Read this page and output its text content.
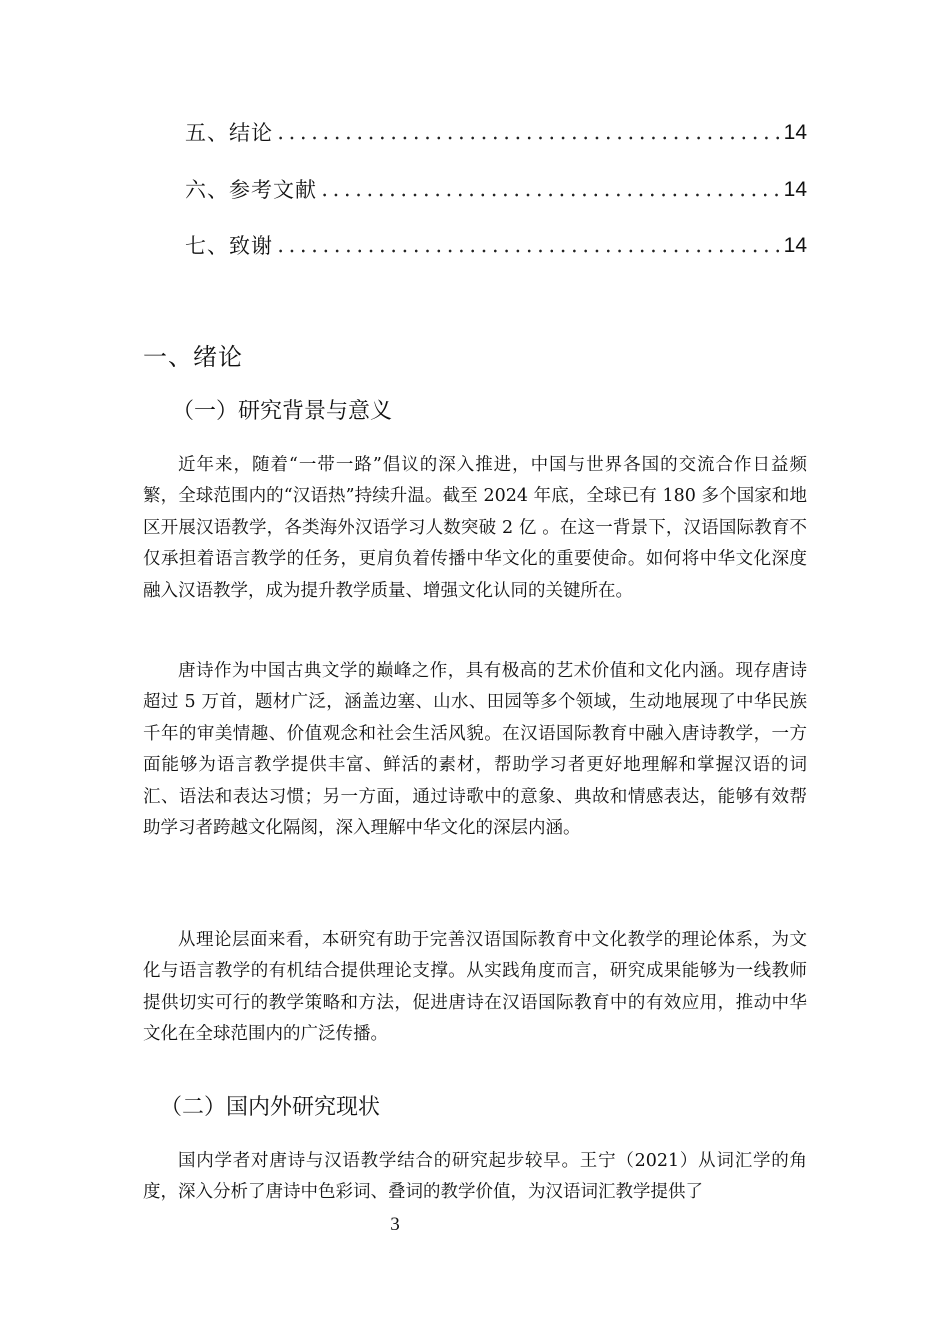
五、结论	14
六、参考文献	14
七、致谢	14
一、绪论
（一）研究背景与意义

近年来，随着“一带一路”倡议的深入推进，中国与世界各国的交流合作日益频繁，全球范围内的“汉语热”持续升温。截至 2024 年底，全球已有 180 多个国家和地区开展汉语教学，各类海外汉语学习人数突破 2 亿 。在这一背景下，汉语国际教育不仅承担着语言教学的任务，更肩负着传播中华文化的重要使命。如何将中华文化深度融入汉语教学，成为提升教学质量、增强文化认同的关键所在。

唐诗作为中国古典文学的巅峰之作，具有极高的艺术价值和文化内涵。现存唐诗超过 5 万首，题材广泛，涵盖边塞、山水、田园等多个领域，生动地展现了中华民族千年的审美情趣、价值观念和社会生活风貌。在汉语国际教育中融入唐诗教学，一方面能够为语言教学提供丰富、鲜活的素材，帮助学习者更好地理解和掌握汉语的词汇、语法和表达习惯；另一方面，通过诗歌中的意象、典故和情感表达，能够有效帮助学习者跨越文化隔阂，深入理解中华文化的深层内涵。

从理论层面来看，本研究有助于完善汉语国际教育中文化教学的理论体系，为文化与语言教学的有机结合提供理论支撑。从实践角度而言，研究成果能够为一线教师提供切实可行的教学策略和方法，促进唐诗在汉语国际教育中的有效应用，推动中华文化在全球范围内的广泛传播。

（二）国内外研究现状

国内学者对唐诗与汉语教学结合的研究起步较早。王宁（2021）从词汇学的角度，深入分析了唐诗中色彩词、叠词的教学价值，为汉语词汇教学提供了

3
